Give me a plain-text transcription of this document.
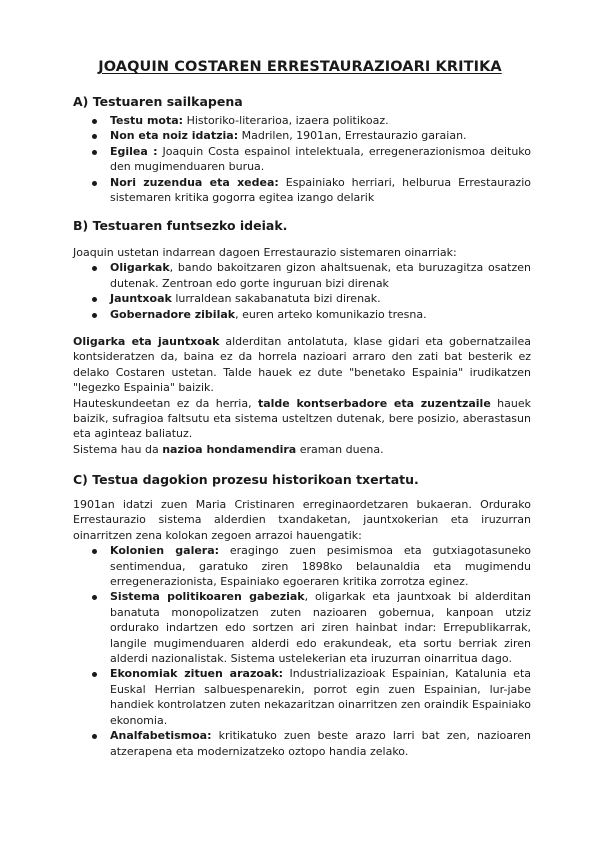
JOAQUIN COSTAREN ERRESTAURAZIOARI KRITIKA
A) Testuaren sailkapena
Testu mota: Historiko-literarioa, izaera politikoaz.
Non eta noiz idatzia: Madrilen, 1901an, Errestaurazio garaian.
Egilea : Joaquin Costa espainol intelektuala, erregenerazionismoa deituko den mugimenduaren burua.
Nori zuzendua eta xedea: Espainiako herriari, helburua Errestaurazio sistemaren kritika gogorra egitea izango delarik
B) Testuaren funtsezko ideiak.

Joaquin ustetan indarrean dagoen Errestaurazio sistemaren oinarriak:

Oligarkak, bando bakoitzaren gizon ahaltsuenak, eta buruzagitza osatzen dutenak. Zentroan edo gorte inguruan bizi direnak
Jauntxoak lurraldean sakabanatuta bizi direnak.
Gobernadore zibilak, euren arteko komunikazio tresna.

Oligarka eta jauntxoak alderditan antolatuta, klase gidari eta gobernatzailea kontsideratzen da, baina ez da horrela nazioari arraro den zati bat besterik ez delako Costaren ustetan. Talde hauek ez dute "benetako Espainia" irudikatzen "legezko Espainia" baizik.

Hauteskundeetan ez da herria, talde kontserbadore eta zuzentzaile hauek baizik, sufragioa faltsutu eta sistema usteltzen dutenak, bere posizio, aberastasun eta aginteaz baliatuz.

Sistema hau da nazioa hondamendira eraman duena.

C) Testua dagokion prozesu historikoan txertatu.

1901an idatzi zuen Maria Cristinaren erreginaordetzaren bukaeran. Ordurako Errestaurazio sistema alderdien txandaketan, jauntxokerian eta iruzurran oinarritzen zena kolokan zegoen arrazoi hauengatik:

Kolonien galera: eragingo zuen pesimismoa eta gutxiagotasuneko sentimendua, garatuko ziren 1898ko belaunaldia eta mugimendu erregenerazionista, Espainiako egoeraren kritika zorrotza eginez.
Sistema politikoaren gabeziak, oligarkak eta jauntxoak bi alderditan banatuta monopolizatzen zuten nazioaren gobernua, kanpoan utziz ordurako indartzen edo sortzen ari ziren hainbat indar: Errepublikarrak, langile mugimenduaren alderdi edo erakundeak, eta sortu berriak ziren alderdi nazionalistak. Sistema ustelekerian eta iruzurran oinarritua dago.
Ekonomiak zituen arazoak: Industrializazioak Espainian, Katalunia eta Euskal Herrian salbuespenarekin, porrot egin zuen Espainian, lur-jabe handiek kontrolatzen zuten nekazaritzan oinarritzen zen oraindik Espainiako ekonomia.
Analfabetismoa: kritikatuko zuen beste arazo larri bat zen, nazioaren atzerapena eta modernizatzeko oztopo handia zelako.
